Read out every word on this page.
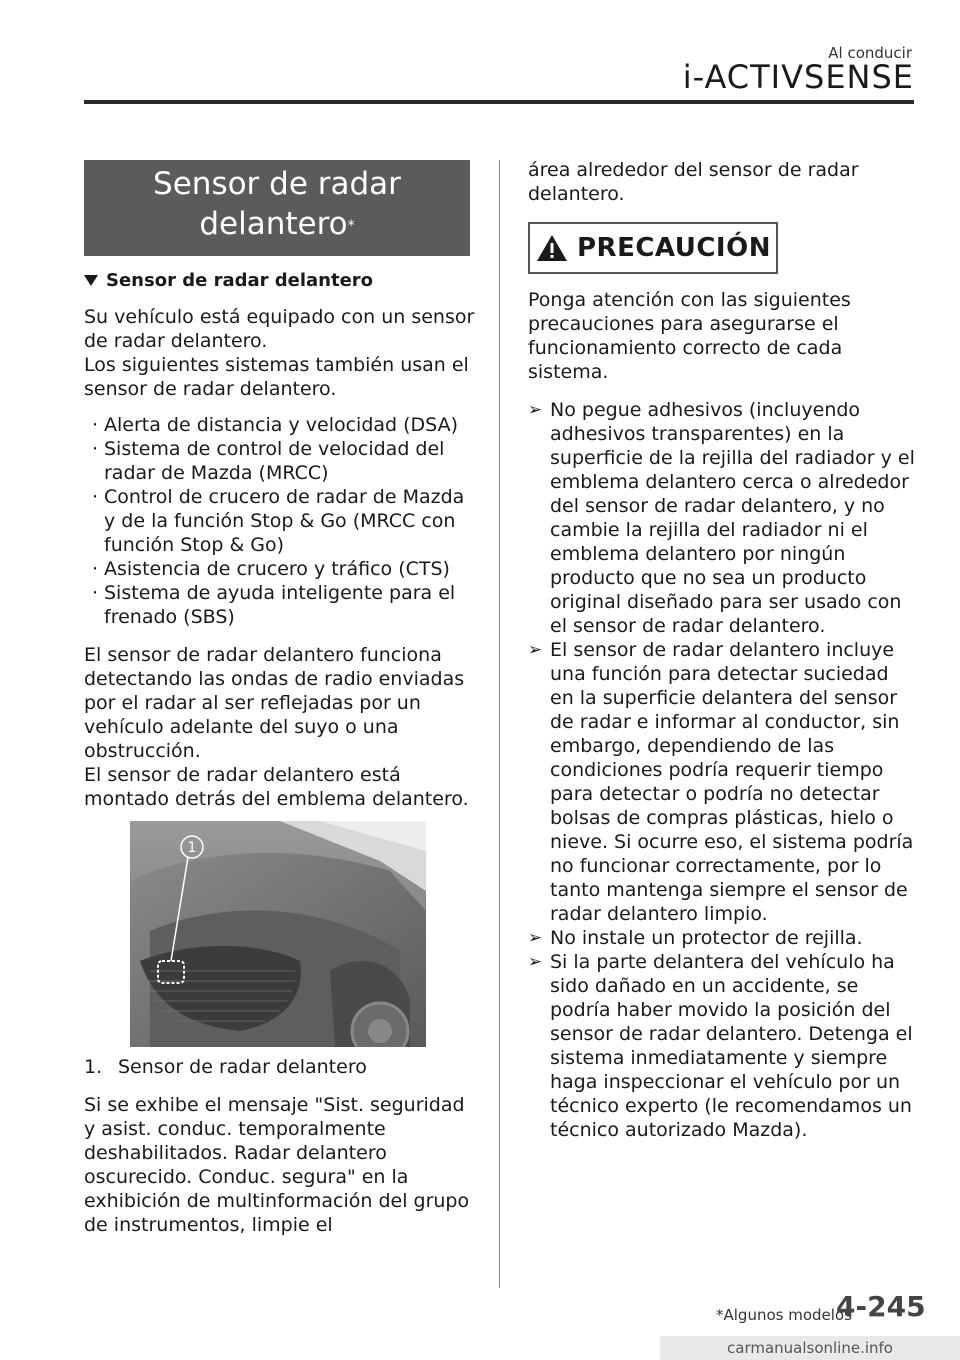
Al conducir
i-ACTIVSENSE
Sensor de radar
delantero*
Sensor de radar delantero

Su vehículo está equipado con un sensor de radar delantero.
Los siguientes sistemas también usan el sensor de radar delantero.

· Alerta de distancia y velocidad (DSA)
· Sistema de control de velocidad del radar de Mazda (MRCC)
· Control de crucero de radar de Mazda y de la función Stop & Go (MRCC con función Stop & Go)
· Asistencia de crucero y tráfico (CTS)
· Sistema de ayuda inteligente para el frenado (SBS)

El sensor de radar delantero funciona detectando las ondas de radio enviadas por el radar al ser reflejadas por un vehículo adelante del suyo o una obstrucción.
El sensor de radar delantero está montado detrás del emblema delantero.

1
1. Sensor de radar delantero

Si se exhibe el mensaje "Sist. seguridad y asist. conduc. temporalmente deshabilitados. Radar delantero oscurecido. Conduc. segura" en la exhibición de multinformación del grupo de instrumentos, limpie el

área alrededor del sensor de radar delantero.

PRECAUCIÓN

Ponga atención con las siguientes precauciones para asegurarse el funcionamiento correcto de cada sistema.

➢ No pegue adhesivos (incluyendo adhesivos transparentes) en la superficie de la rejilla del radiador y el emblema delantero cerca o alrededor del sensor de radar delantero, y no cambie la rejilla del radiador ni el emblema delantero por ningún producto que no sea un producto original diseñado para ser usado con el sensor de radar delantero.
➢ El sensor de radar delantero incluye una función para detectar suciedad en la superficie delantera del sensor de radar e informar al conductor, sin embargo, dependiendo de las condiciones podría requerir tiempo para detectar o podría no detectar bolsas de compras plásticas, hielo o nieve. Si ocurre eso, el sistema podría no funcionar correctamente, por lo tanto mantenga siempre el sensor de radar delantero limpio.
➢ No instale un protector de rejilla.
➢ Si la parte delantera del vehículo ha sido dañado en un accidente, se podría haber movido la posición del sensor de radar delantero. Detenga el sistema inmediatamente y siempre haga inspeccionar el vehículo por un técnico experto (le recomendamos un técnico autorizado Mazda).
*Algunos modelos
4-245
carmanualsonline.info
